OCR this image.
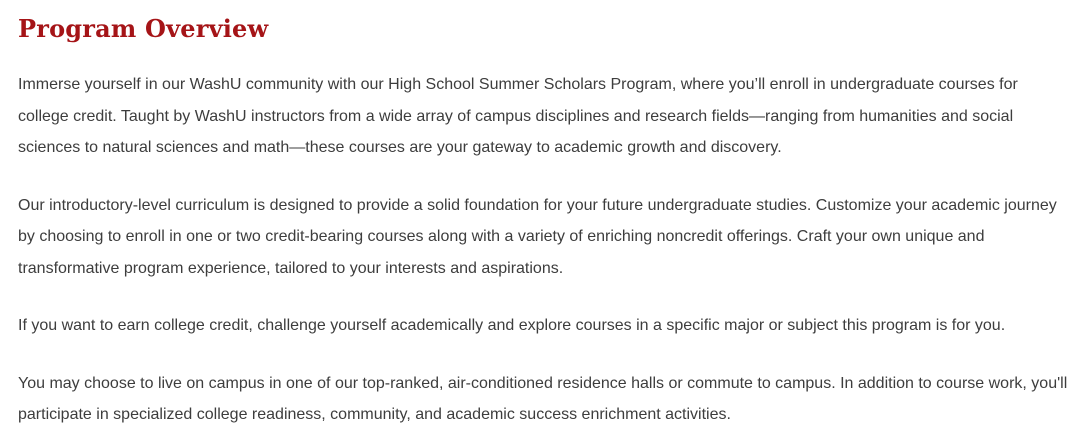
Program Overview

Immerse yourself in our WashU community with our High School Summer Scholars Program, where you’ll enroll in undergraduate courses for college credit. Taught by WashU instructors from a wide array of campus disciplines and research fields—ranging from humanities and social sciences to natural sciences and math—these courses are your gateway to academic growth and discovery.

Our introductory-level curriculum is designed to provide a solid foundation for your future undergraduate studies. Customize your academic journey by choosing to enroll in one or two credit-bearing courses along with a variety of enriching noncredit offerings. Craft your own unique and transformative program experience, tailored to your interests and aspirations.

If you want to earn college credit, challenge yourself academically and explore courses in a specific major or subject this program is for you.

You may choose to live on campus in one of our top-ranked, air-conditioned residence halls or commute to campus. In addition to course work, you'll participate in specialized college readiness, community, and academic success enrichment activities.
